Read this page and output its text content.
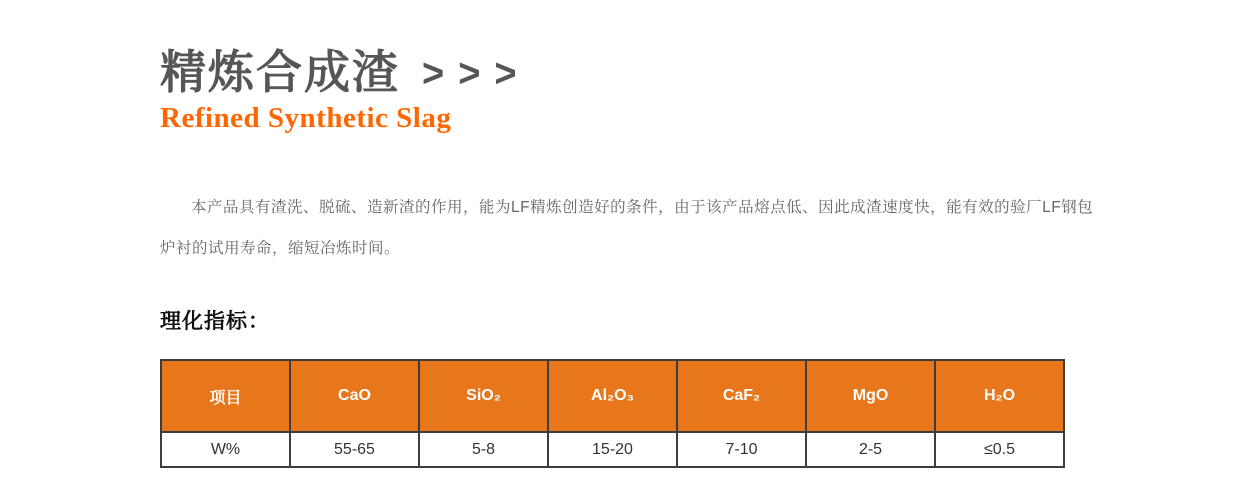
精炼合成渣 >>>
Refined Synthetic Slag

本产品具有渣洗、脱硫、造新渣的作用，能为LF精炼创造好的条件，由于该产品熔点低、因此成渣速度快，能有效的验厂LF钢包炉衬的试用寿命，缩短冶炼时间。

理化指标：
项目	CaO	SiO₂	Al₂O₃	CaF₂	MgO	H₂O
W%	55-65	5-8	15-20	7-10	2-5	≤0.5
